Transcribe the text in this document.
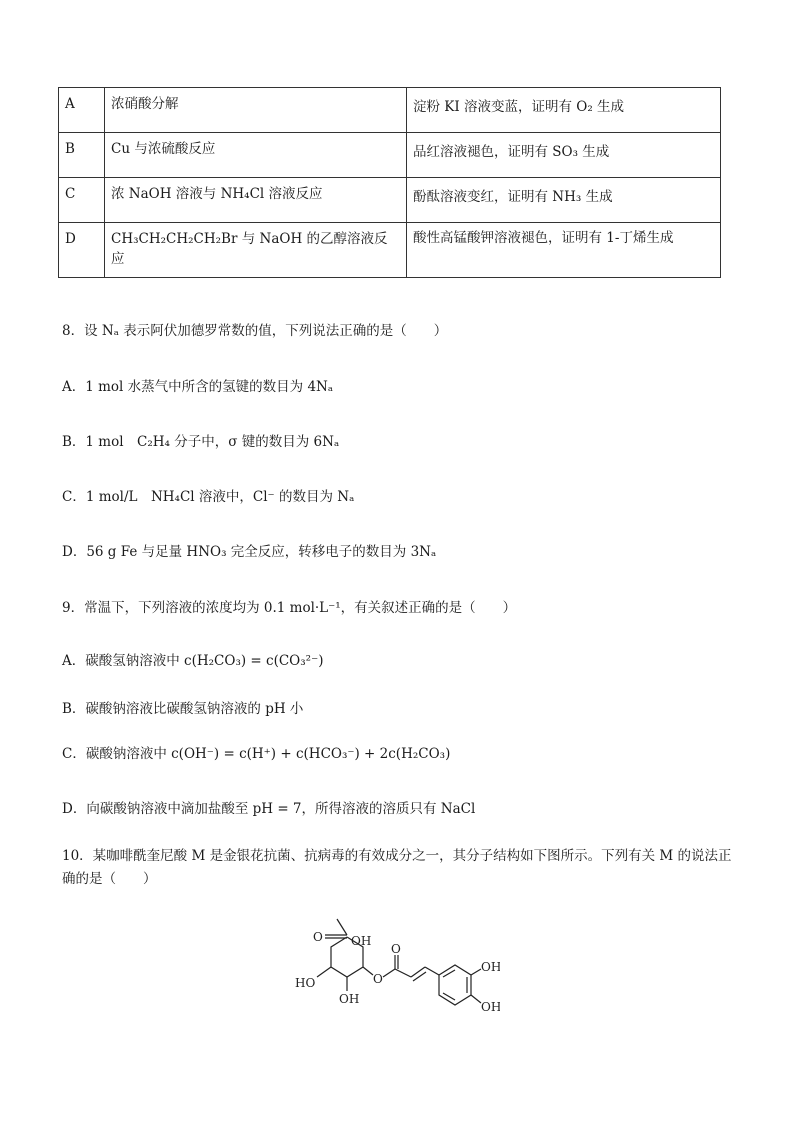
A	浓硝酸分解	淀粉 KI 溶液变蓝，证明有 O₂ 生成
B	Cu 与浓硫酸反应	品红溶液褪色，证明有 SO₃ 生成
C	浓 NaOH 溶液与 NH₄Cl 溶液反应	酚酞溶液变红，证明有 NH₃ 生成
D	CH₃CH₂CH₂CH₂Br 与 NaOH 的乙醇溶液反应	酸性高锰酸钾溶液褪色，证明有 1-丁烯生成
8．设 Nₐ 表示阿伏加德罗常数的值，下列说法正确的是（　　）
A．1 mol 水蒸气中所含的氢键的数目为 4Nₐ
B．1 mol　C₂H₄ 分子中，σ 键的数目为 6Nₐ
C．1 mol/L　NH₄Cl 溶液中，Cl⁻ 的数目为 Nₐ
D．56 g Fe 与足量 HNO₃ 完全反应，转移电子的数目为 3Nₐ
9．常温下，下列溶液的浓度均为 0.1 mol·L⁻¹，有关叙述正确的是（　　）
A．碳酸氢钠溶液中 c(H₂CO₃) = c(CO₃²⁻)
B．碳酸钠溶液比碳酸氢钠溶液的 pH 小
C．碳酸钠溶液中 c(OH⁻) = c(H⁺) + c(HCO₃⁻) + 2c(H₂CO₃)
D．向碳酸钠溶液中滴加盐酸至 pH = 7，所得溶液的溶质只有 NaCl
10．某咖啡酰奎尼酸 M 是金银花抗菌、抗病毒的有效成分之一，其分子结构如下图所示。下列有关 M 的说法正确的是（　　）
O OH
HO
OH
O
O
OH
OH
